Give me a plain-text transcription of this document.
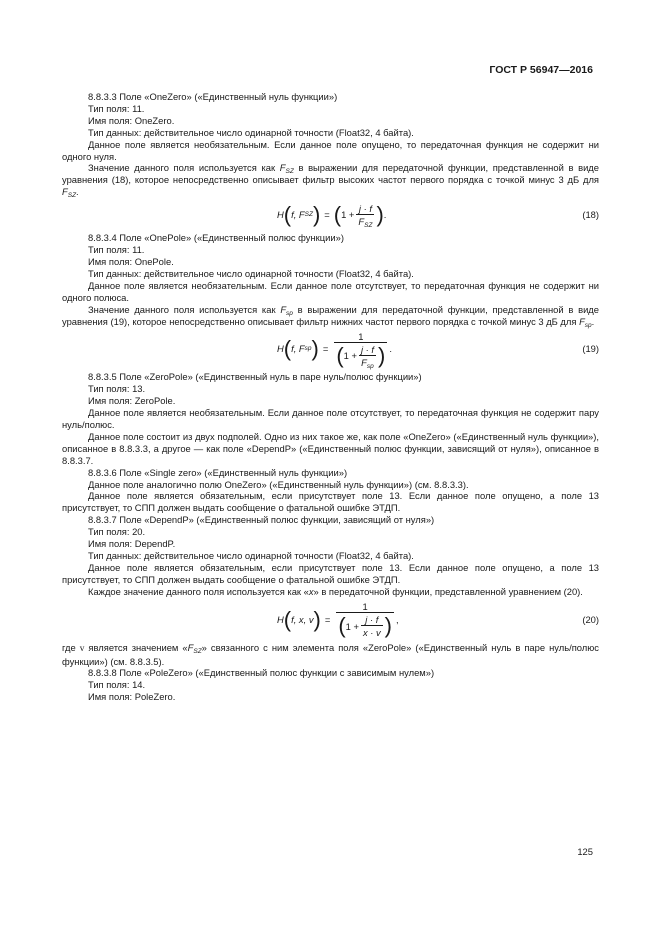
ГОСТ Р 56947—2016

8.8.3.3 Поле «OneZero» («Единственный нуль функции»)

Тип поля: 11.

Имя поля: OneZero.

Тип данных: действительное число одинарной точности (Float32, 4 байта).

Данное поле является необязательным. Если данное поле опущено, то передаточная функция не содержит ни одного нуля.

Значение данного поля используется как $F_{SZ}$ в выражении для передаточной функции, представленной в виде уравнения (18), которое непосредственно описывает фильтр высоких частот первого порядка с точкой минус 3 дБ для $F_{SZ}$.

H ( f, F SZ ) = ( $1 + \frac{j \cdot f}{F_{SZ}}$ ) .	(18)

8.8.3.4 Поле «OnePole» («Единственный полюс функции»)

Тип поля: 11.

Имя поля: OnePole.

Тип данных: действительное число одинарной точности (Float32, 4 байта).

Данное поле является необязательным. Если данное поле отсутствует, то передаточная функция не содержит ни одного полюса.

Значение данного поля используется как $F_{sp}$ в выражении для передаточной функции, представленной в виде уравнения (19), которое непосредственно описывает фильтр нижних частот первого порядка с точкой минус 3 дБ для $F_{sp}$.

H ( f, F sp ) = $\frac{1}{( 1 + \frac{j \cdot f}{F_{sp}} )}$ .	(19)

8.8.3.5 Поле «ZeroPole» («Единственный нуль в паре нуль/полюс функции»)

Тип поля: 13.

Имя поля: ZeroPole.

Данное поле является необязательным. Если данное поле отсутствует, то передаточная функция не содержит пару нуль/полюс.

Данное поле состоит из двух подполей. Одно из них такое же, как поле «OneZero» («Единственный нуль функции»), описанное в 8.8.3.3, а другое — как поле «DependP» («Единственный полюс функции, зависящий от нуля»), описанное в 8.8.3.7.

8.8.3.6 Поле «Single zero» («Единственный нуль функции»)

Данное поле аналогично полю OneZero» («Единственный нуль функции») (см. 8.8.3.3).

Данное поле является обязательным, если присутствует поле 13. Если данное поле опущено, а поле 13 присутствует, то СПП должен выдать сообщение о фатальной ошибке ЭТДП.

8.8.3.7 Поле «DependP» («Единственный полюс функции, зависящий от нуля»)

Тип поля: 20.

Имя поля: DependP.

Тип данных: действительное число одинарной точности (Float32, 4 байта).

Данное поле является обязательным, если присутствует поле 13. Если данное поле опущено, а поле 13 присутствует, то СПП должен выдать сообщение о фатальной ошибке ЭТДП.

Каждое значение данного поля используется как «x» в передаточной функции, представленной уравнением (20).

H ( f, x, v ) = $\frac{1}{( 1 + \frac{j \cdot f}{x \cdot v} )}$ ,	(20)

где v является значением «$F_{SZ}$» связанного с ним элемента поля «ZeroPole» («Единственный нуль в паре нуль/полюс функции») (см. 8.8.3.5).

8.8.3.8 Поле «PoleZero» («Единственный полюс функции с зависимым нулем»)

Тип поля: 14.

Имя поля: PoleZero.

125
